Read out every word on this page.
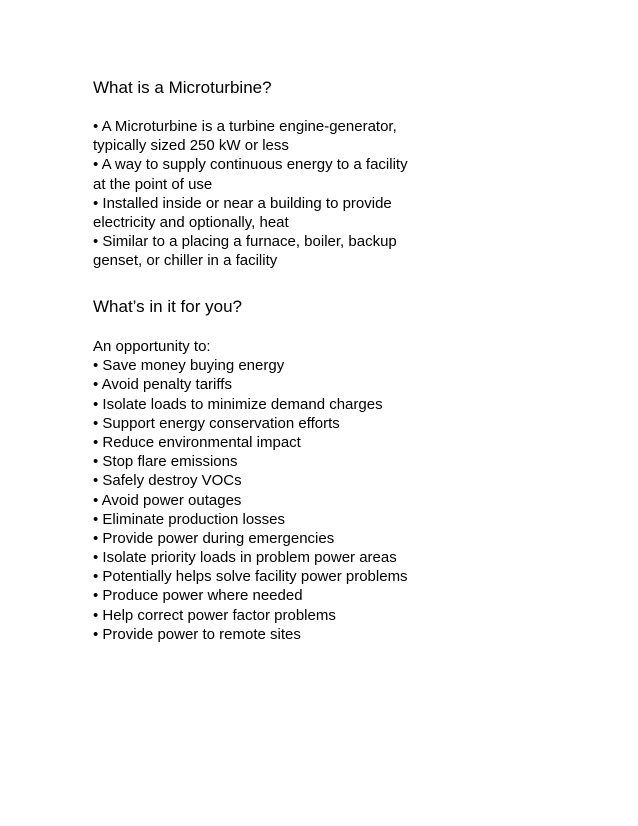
What is a Microturbine?
• A Microturbine is a turbine engine-generator,
typically sized 250 kW or less
• A way to supply continuous energy to a facility
at the point of use
• Installed inside or near a building to provide
electricity and optionally, heat
• Similar to a placing a furnace, boiler, backup
genset, or chiller in a facility
What’s in it for you?
An opportunity to:
• Save money buying energy
• Avoid penalty tariffs
• Isolate loads to minimize demand charges
• Support energy conservation efforts
• Reduce environmental impact
• Stop flare emissions
• Safely destroy VOCs
• Avoid power outages
• Eliminate production losses
• Provide power during emergencies
• Isolate priority loads in problem power areas
• Potentially helps solve facility power problems
• Produce power where needed
• Help correct power factor problems
• Provide power to remote sites
